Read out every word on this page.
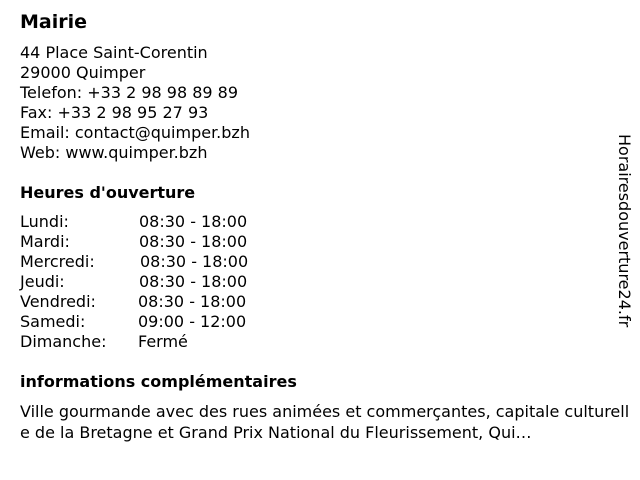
Mairie
44 Place Saint-Corentin
29000 Quimper
Telefon: +33 2 98 98 89 89
Fax: +33 2 98 95 27 93
Email: contact@quimper.bzh
Web: www.quimper.bzh
Heures d'ouverture
Lundi:	08:30 - 18:00
Mardi:	08:30 - 18:00
Mercredi:	08:30 - 18:00
Jeudi:	08:30 - 18:00
Vendredi:	08:30 - 18:00
Samedi:	09:00 - 12:00
Dimanche: Fermé
informations complémentaires
Ville gourmande avec des rues animées et commerçantes, capitale culturelle de la Bretagne et Grand Prix National du Fleurissement, Qui…
Horairesdouverture24.fr
